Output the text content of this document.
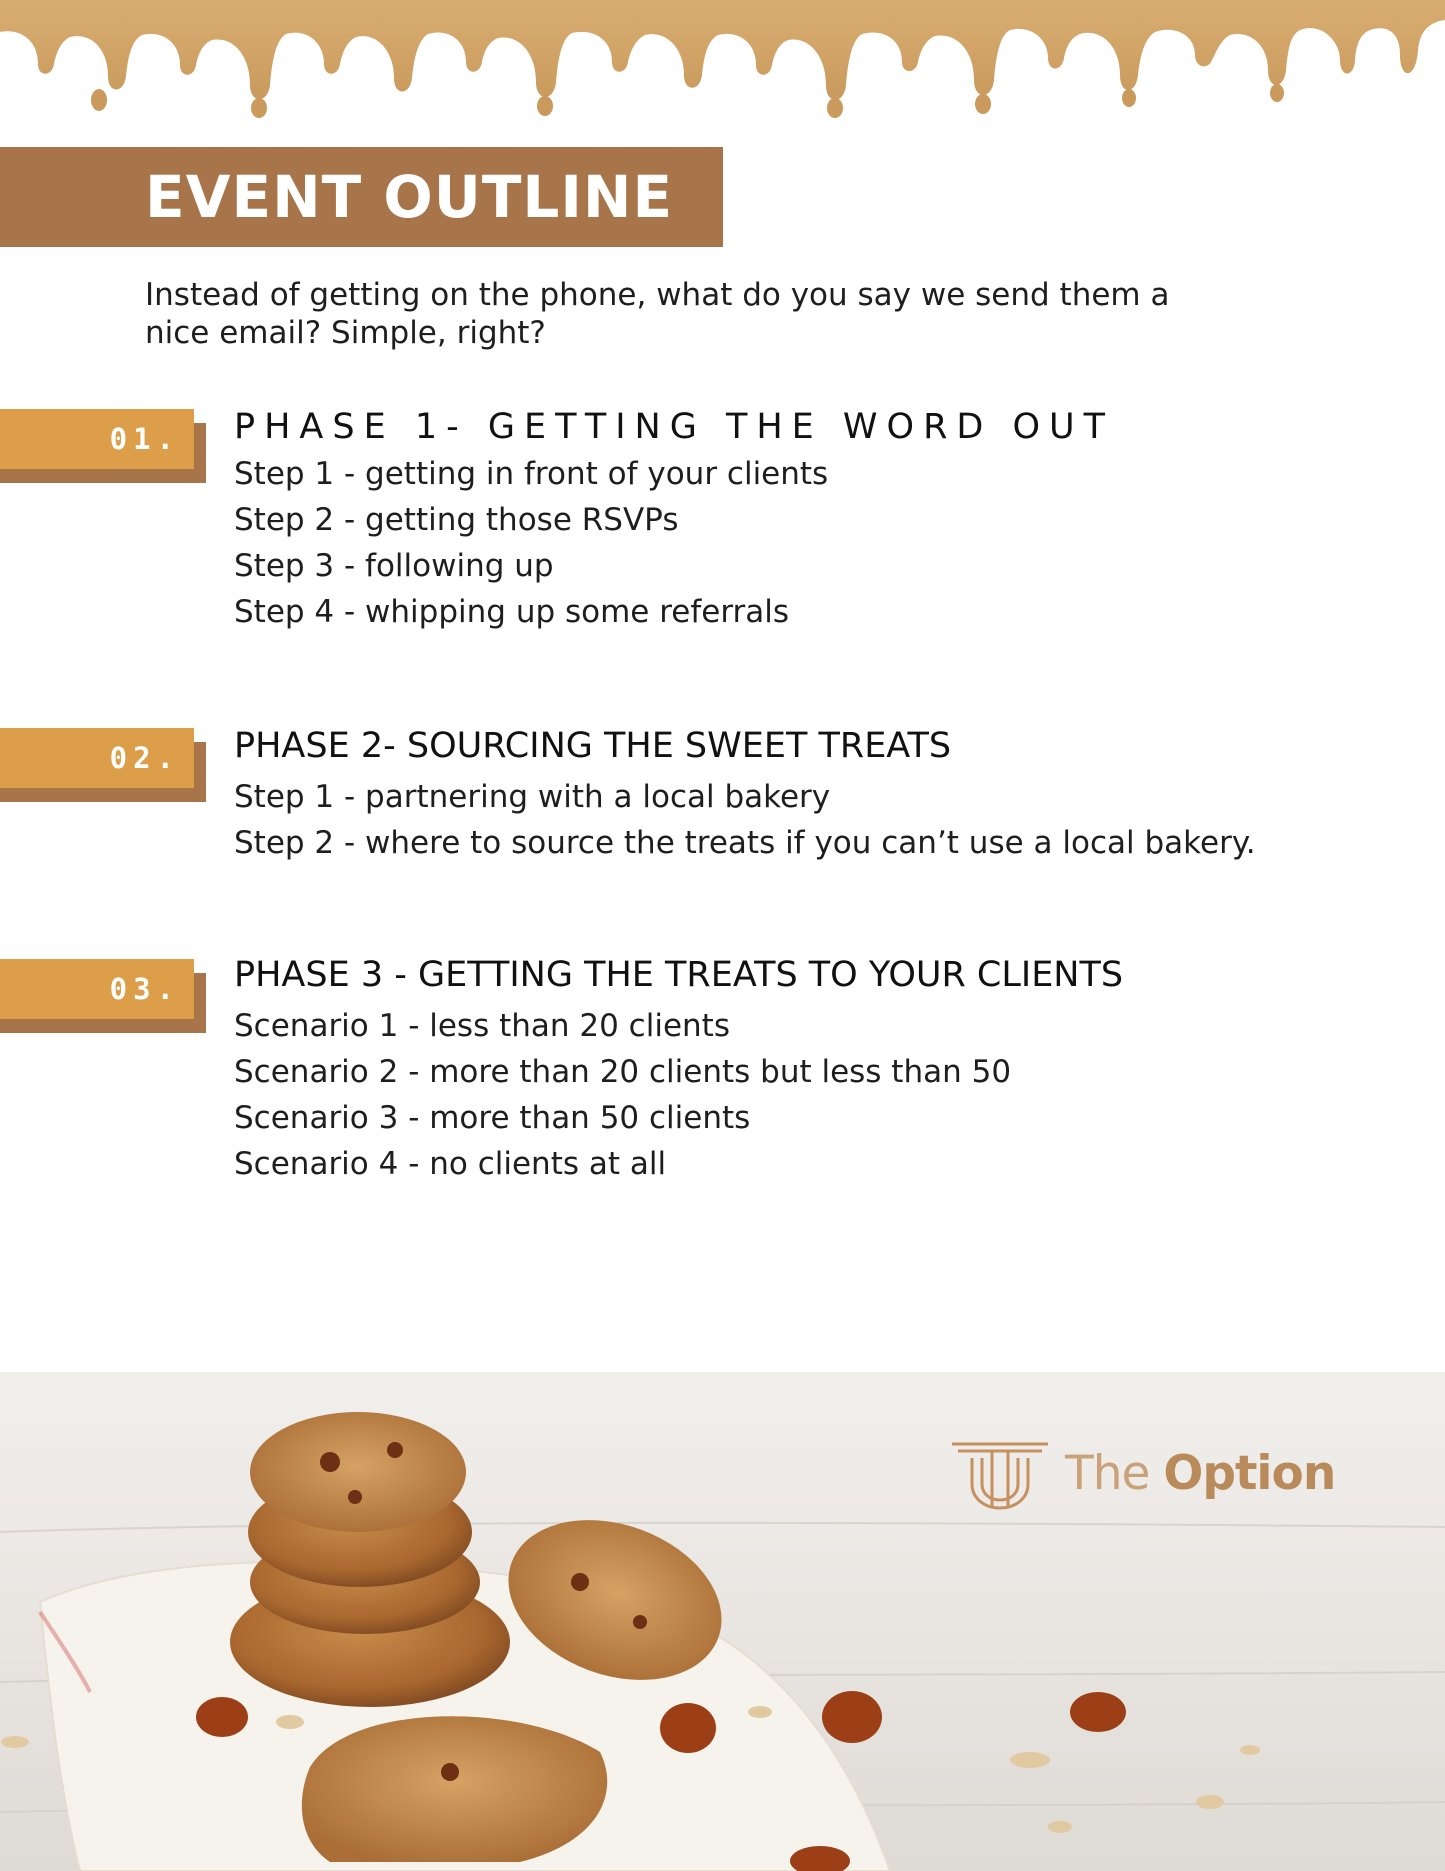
EVENT OUTLINE
Instead of getting on the phone, what do you say we send them a
nice email? Simple, right?
01.	PHASE 1- GETTING THE WORD OUT
Step 1 - getting in front of your clients
Step 2 - getting those RSVPs
Step 3 - following up
Step 4 - whipping up some referrals
02.	PHASE 2- SOURCING THE SWEET TREATS
Step 1 - partnering with a local bakery
Step 2 - where to source the treats if you can’t use a local bakery.
03.	PHASE 3 - GETTING THE TREATS TO YOUR CLIENTS
Scenario 1 - less than 20 clients
Scenario 2 - more than 20 clients but less than 50
Scenario 3 - more than 50 clients
Scenario 4 - no clients at all
The Option
